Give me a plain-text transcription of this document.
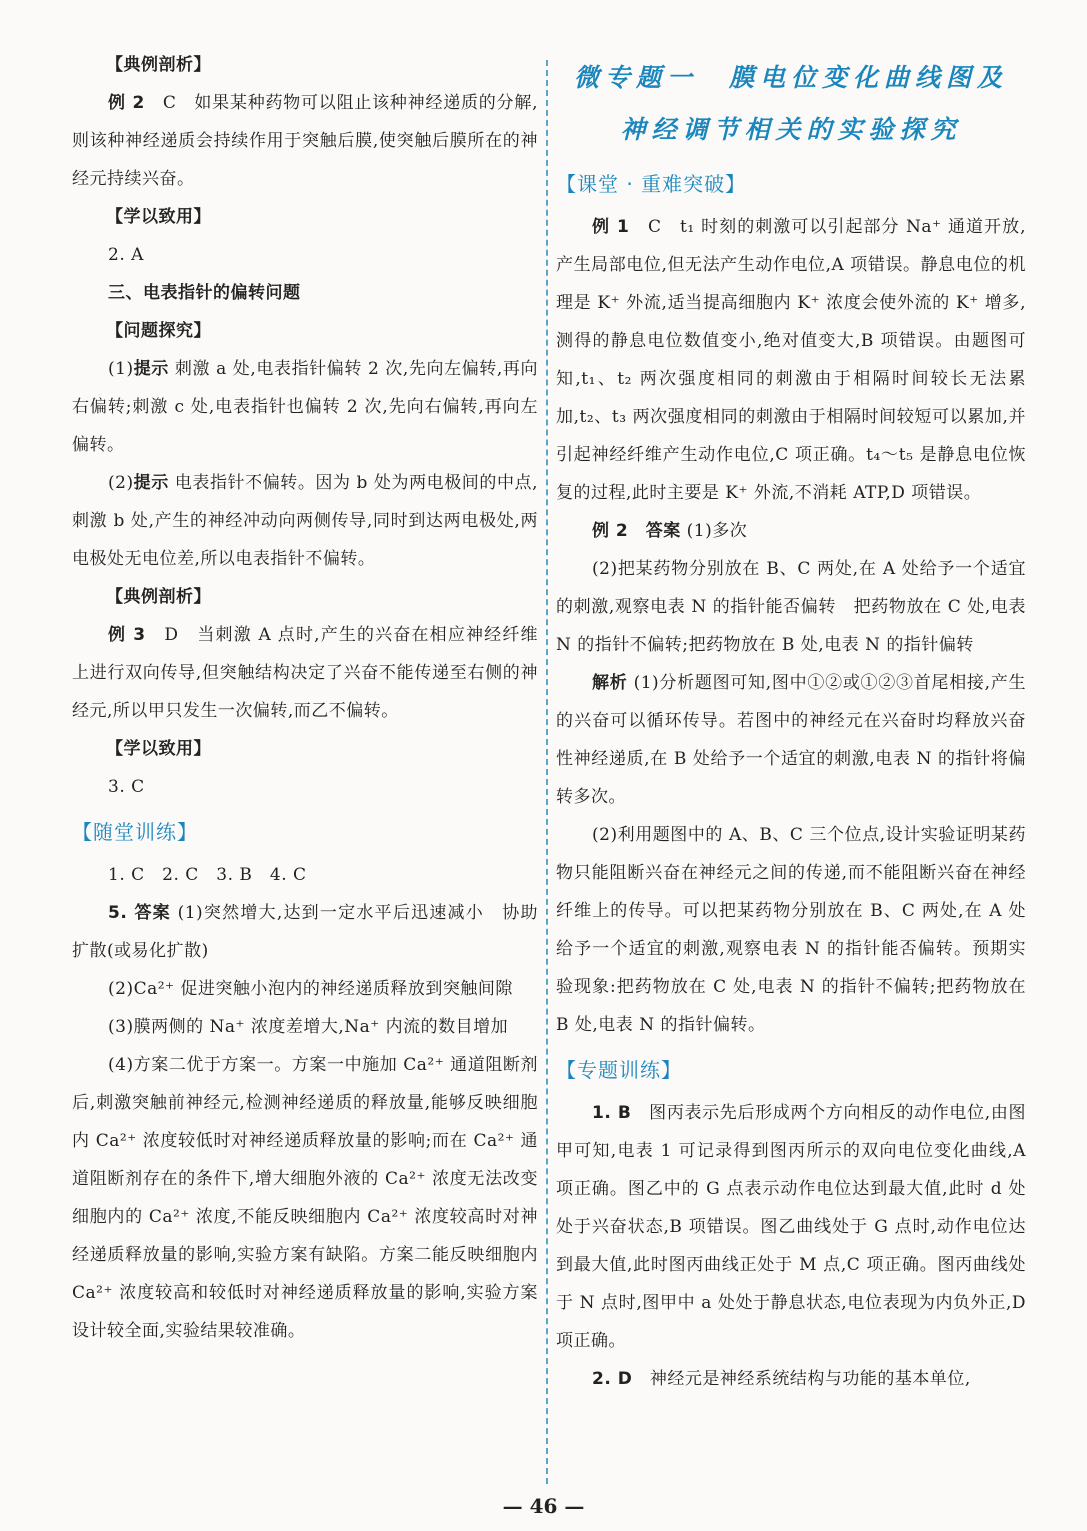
【典例剖析】

例 2　 C　如果某种药物可以阻止该种神经递质的分解,则该种神经递质会持续作用于突触后膜,使突触后膜所在的神经元持续兴奋。

【学以致用】

2. A

三、电表指针的偏转问题

【问题探究】

(1)提示 刺激 a 处,电表指针偏转 2 次,先向左偏转,再向右偏转;刺激 c 处,电表指针也偏转 2 次,先向右偏转,再向左偏转。

(2)提示 电表指针不偏转。因为 b 处为两电极间的中点,刺激 b 处,产生的神经冲动向两侧传导,同时到达两电极处,两电极处无电位差,所以电表指针不偏转。

【典例剖析】

例 3　 D　当刺激 A 点时,产生的兴奋在相应神经纤维上进行双向传导,但突触结构决定了兴奋不能传递至右侧的神经元,所以甲只发生一次偏转,而乙不偏转。

【学以致用】

3. C

【随堂训练】

1. C　 2. C　 3. B　 4. C

5. 答案 (1)突然增大,达到一定水平后迅速减小　协助扩散(或易化扩散)

(2)Ca²⁺ 促进突触小泡内的神经递质释放到突触间隙

(3)膜两侧的 Na⁺ 浓度差增大,Na⁺ 内流的数目增加

(4)方案二优于方案一。方案一中施加 Ca²⁺ 通道阻断剂后,刺激突触前神经元,检测神经递质的释放量,能够反映细胞内 Ca²⁺ 浓度较低时对神经递质释放量的影响;而在 Ca²⁺ 通道阻断剂存在的条件下,增大细胞外液的 Ca²⁺ 浓度无法改变细胞内的 Ca²⁺ 浓度,不能反映细胞内 Ca²⁺ 浓度较高时对神经递质释放量的影响,实验方案有缺陷。方案二能反映细胞内 Ca²⁺ 浓度较高和较低时对神经递质释放量的影响,实验方案设计较全面,实验结果较准确。

微专题一　膜电位变化曲线图及

神经调节相关的实验探究

【课堂 · 重难突破】

例 1　 C　t₁ 时刻的刺激可以引起部分 Na⁺ 通道开放,产生局部电位,但无法产生动作电位,A 项错误。静息电位的机理是 K⁺ 外流,适当提高细胞内 K⁺ 浓度会使外流的 K⁺ 增多,测得的静息电位数值变小,绝对值变大,B 项错误。由题图可知,t₁、t₂ 两次强度相同的刺激由于相隔时间较长无法累加,t₂、t₃ 两次强度相同的刺激由于相隔时间较短可以累加,并引起神经纤维产生动作电位,C 项正确。t₄～t₅ 是静息电位恢复的过程,此时主要是 K⁺ 外流,不消耗 ATP,D 项错误。

例 2　答案 (1)多次

(2)把某药物分别放在 B、C 两处,在 A 处给予一个适宜的刺激,观察电表 N 的指针能否偏转　把药物放在 C 处,电表 N 的指针不偏转;把药物放在 B 处,电表 N 的指针偏转

解析 (1)分析题图可知,图中①②或①②③首尾相接,产生的兴奋可以循环传导。若图中的神经元在兴奋时均释放兴奋性神经递质,在 B 处给予一个适宜的刺激,电表 N 的指针将偏转多次。

(2)利用题图中的 A、B、C 三个位点,设计实验证明某药物只能阻断兴奋在神经元之间的传递,而不能阻断兴奋在神经纤维上的传导。可以把某药物分别放在 B、C 两处,在 A 处给予一个适宜的刺激,观察电表 N 的指针能否偏转。预期实验现象:把药物放在 C 处,电表 N 的指针不偏转;把药物放在 B 处,电表 N 的指针偏转。

【专题训练】

1. B　 图丙表示先后形成两个方向相反的动作电位,由图甲可知,电表 1 可记录得到图丙所示的双向电位变化曲线,A 项正确。图乙中的 G 点表示动作电位达到最大值,此时 d 处处于兴奋状态,B 项错误。图乙曲线处于 G 点时,动作电位达到最大值,此时图丙曲线正处于 M 点,C 项正确。图丙曲线处于 N 点时,图甲中 a 处处于静息状态,电位表现为内负外正,D 项正确。

2. D　 神经元是神经系统结构与功能的基本单位,

— 46 —
